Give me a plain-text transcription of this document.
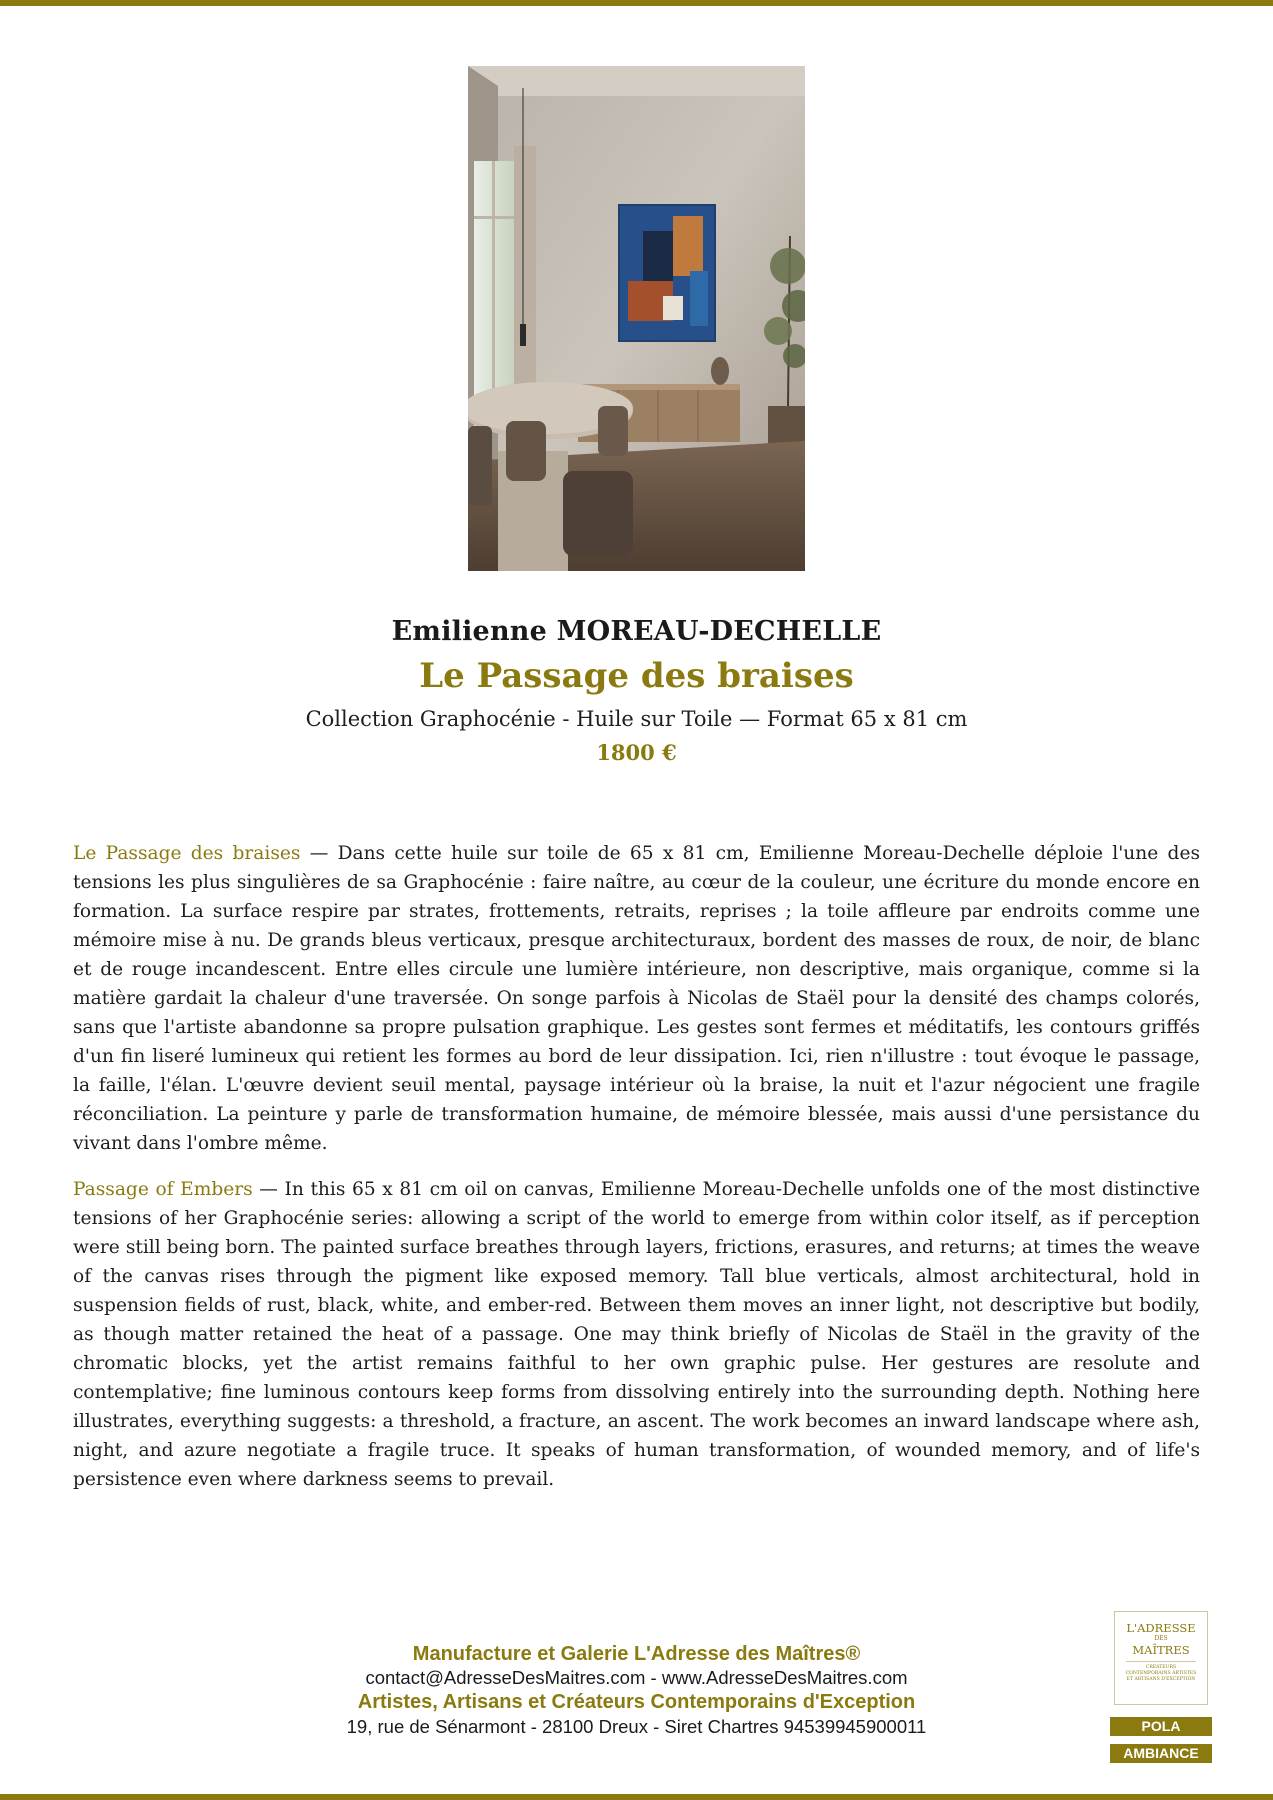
Emilienne MOREAU-DECHELLE
Le Passage des braises
Collection Graphocénie - Huile sur Toile — Format 65 x 81 cm
1800 €

Le Passage des braises — Dans cette huile sur toile de 65 x 81 cm, Emilienne Moreau-Dechelle déploie l'une des tensions les plus singulières de sa Graphocénie : faire naître, au cœur de la couleur, une écriture du monde encore en formation. La surface respire par strates, frottements, retraits, reprises ; la toile affleure par endroits comme une mémoire mise à nu. De grands bleus verticaux, presque architecturaux, bordent des masses de roux, de noir, de blanc et de rouge incandescent. Entre elles circule une lumière intérieure, non descriptive, mais organique, comme si la matière gardait la chaleur d'une traversée. On songe parfois à Nicolas de Staël pour la densité des champs colorés, sans que l'artiste abandonne sa propre pulsation graphique. Les gestes sont fermes et méditatifs, les contours griffés d'un fin liseré lumineux qui retient les formes au bord de leur dissipation. Ici, rien n'illustre : tout évoque le passage, la faille, l'élan. L'œuvre devient seuil mental, paysage intérieur où la braise, la nuit et l'azur négocient une fragile réconciliation. La peinture y parle de transformation humaine, de mémoire blessée, mais aussi d'une persistance du vivant dans l'ombre même.

Passage of Embers — In this 65 x 81 cm oil on canvas, Emilienne Moreau-Dechelle unfolds one of the most distinctive tensions of her Graphocénie series: allowing a script of the world to emerge from within color itself, as if perception were still being born. The painted surface breathes through layers, frictions, erasures, and returns; at times the weave of the canvas rises through the pigment like exposed memory. Tall blue verticals, almost architectural, hold in suspension fields of rust, black, white, and ember-red. Between them moves an inner light, not descriptive but bodily, as though matter retained the heat of a passage. One may think briefly of Nicolas de Staël in the gravity of the chromatic blocks, yet the artist remains faithful to her own graphic pulse. Her gestures are resolute and contemplative; fine luminous contours keep forms from dissolving entirely into the surrounding depth. Nothing here illustrates, everything suggests: a threshold, a fracture, an ascent. The work becomes an inward landscape where ash, night, and azure negotiate a fragile truce. It speaks of human transformation, of wounded memory, and of life's persistence even where darkness seems to prevail.

Manufacture et Galerie L'Adresse des Maîtres®
contact@AdresseDesMaitres.com - www.AdresseDesMaitres.com
Artistes, Artisans et Créateurs Contemporains d'Exception
19, rue de Sénarmont - 28100 Dreux - Siret Chartres 94539945900011
L'ADRESSE
DES
MAÎTRES
CRÉATEURS CONTEMPORAINS ARTISTES ET ARTISANS D'EXCEPTION
POLA
AMBIANCE
